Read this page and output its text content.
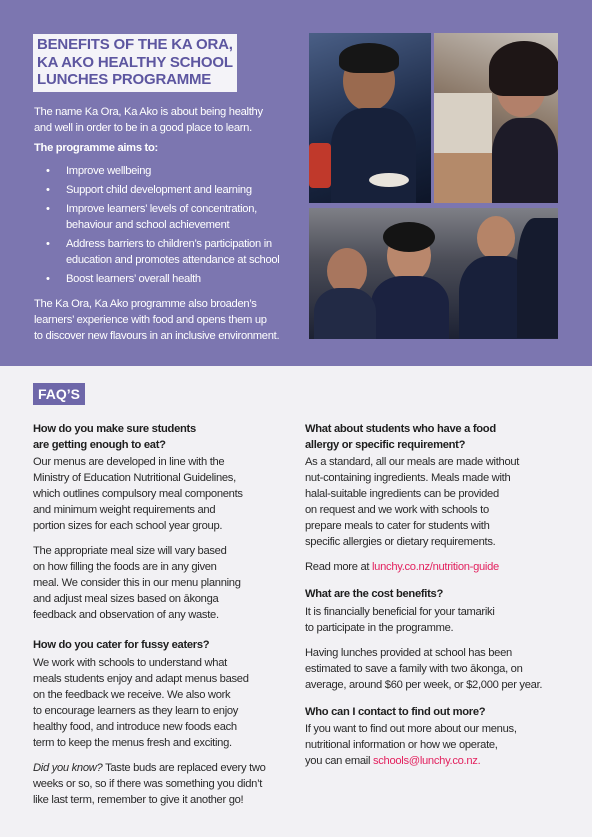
BENEFITS OF THE KA ORA,
KA AKO HEALTHY SCHOOL
LUNCHES PROGRAMME
The name Ka Ora, Ka Ako is about being healthy
and well in order to be in a good place to learn.
The programme aims to:
• Improve wellbeing
• Support child development and learning
• Improve learners’ levels of concentration,
behaviour and school achievement
• Address barriers to children’s participation in
education and promotes attendance at school
• Boost learners’ overall health
The Ka Ora, Ka Ako programme also broaden’s
learners’ experience with food and opens them up
to discover new flavours in an inclusive environment.
FAQ’S
How do you make sure students
are getting enough to eat?

Our menus are developed in line with the
Ministry of Education Nutritional Guidelines,
which outlines compulsory meal components
and minimum weight requirements and
portion sizes for each school year group.

The appropriate meal size will vary based
on how filling the foods are in any given
meal. We consider this in our menu planning
and adjust meal sizes based on ākonga
feedback and observation of any waste.

How do you cater for fussy eaters?

We work with schools to understand what
meals students enjoy and adapt menus based
on the feedback we receive. We also work
to encourage learners as they learn to enjoy
healthy food, and introduce new foods each
term to keep the menus fresh and exciting.

Did you know? Taste buds are replaced every two
weeks or so, so if there was something you didn’t
like last term, remember to give it another go!

What about students who have a food
allergy or specific requirement?

As a standard, all our meals are made without
nut-containing ingredients. Meals made with
halal-suitable ingredients can be provided
on request and we work with schools to
prepare meals to cater for students with
specific allergies or dietary requirements.

Read more at lunchy.co.nz/nutrition-guide

What are the cost benefits?

It is financially beneficial for your tamariki
to participate in the programme.

Having lunches provided at school has been
estimated to save a family with two ākonga, on
average, around $60 per week, or $2,000 per year.

Who can I contact to find out more?

If you want to find out more about our menus,
nutritional information or how we operate,
you can email schools@lunchy.co.nz.
